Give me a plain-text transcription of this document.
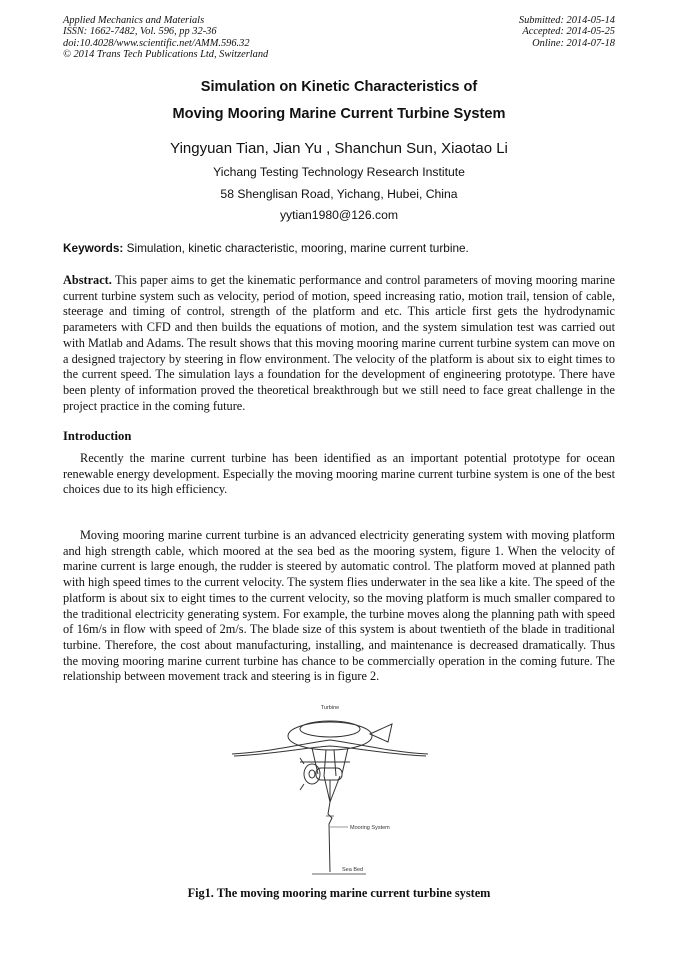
Applied Mechanics and Materials
ISSN: 1662-7482, Vol. 596, pp 32-36
doi:10.4028/www.scientific.net/AMM.596.32
© 2014 Trans Tech Publications Ltd, Switzerland
Submitted: 2014-05-14
Accepted: 2014-05-25
Online: 2014-07-18
Simulation on Kinetic Characteristics of
Moving Mooring Marine Current Turbine System
Yingyuan Tian, Jian Yu , Shanchun Sun, Xiaotao Li
Yichang Testing Technology Research Institute
58 Shenglisan Road, Yichang, Hubei, China
yytian1980@126.com
Keywords: Simulation, kinetic characteristic, mooring, marine current turbine.
Abstract. This paper aims to get the kinematic performance and control parameters of moving mooring marine current turbine system such as velocity, period of motion, speed increasing ratio, motion trail, tension of cable, steerage and timing of control, strength of the platform and etc. This article first gets the hydrodynamic parameters with CFD and then builds the equations of motion, and the system simulation test was carried out with Matlab and Adams. The result shows that this moving mooring marine current turbine system can move on a designed trajectory by steering in flow environment. The velocity of the platform is about six to eight times to the current speed. The simulation lays a foundation for the development of engineering prototype. There have been plenty of information proved the theoretical breakthrough but we still need to face great challenge in the project practice in the coming future.
Introduction
Recently the marine current turbine has been identified as an important potential prototype for ocean renewable energy development. Especially the moving mooring marine current turbine system is one of the best choices due to its high efficiency.
Moving mooring marine current turbine is an advanced electricity generating system with moving platform and high strength cable, which moored at the sea bed as the mooring system, figure 1. When the velocity of marine current is large enough, the rudder is steered by automatic control. The platform moved at planned path with high speed times to the current velocity. The system flies underwater in the sea like a kite. The speed of the platform is about six to eight times to the current velocity, so the moving platform is much smaller compared to the traditional electricity generating system. For example, the turbine moves along the planning path with speed of 16m/s in flow with speed of 2m/s. The blade size of this system is about twentieth of the blade in traditional turbine. Therefore, the cost about manufacturing, installing, and maintenance is decreased dramatically. Thus the moving mooring marine current turbine has chance to be commercially operation in the coming future. The relationship between movement track and steering is in figure 2.
Turbine
Mooring System
Sea Bed
Fig1. The moving mooring marine current turbine system
